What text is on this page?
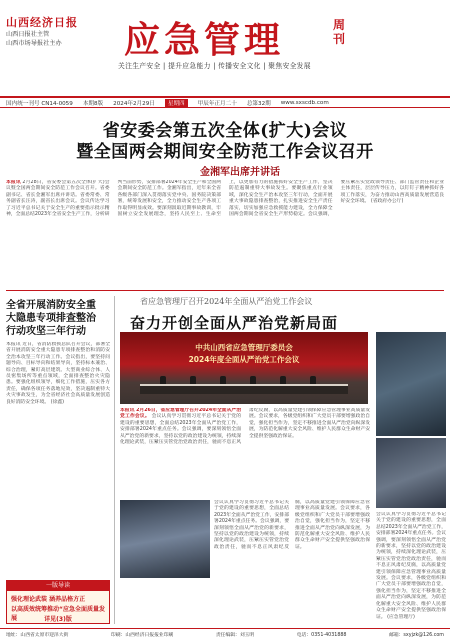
山西经济日报
山西日报社主管
山西市场导报社主办	应急管理	周刊
关注生产安全 | 提升应急能力 | 传播安全文化 | 聚焦安全发展
国内统一刊号 CN14-0059 本期8版 2024年2月29日	星期四	甲辰年正月二十 总第32期 www.sxscdb.com
省安委会第五次全体(扩大)会议
暨全国两会期间安全防范工作会议召开
金湘军出席并讲话
本报讯 2月28日，省安委会第五次全体(扩大)会议暨全国两会期间安全防范工作会议召开。省委副书记、省长金湘军出席并讲话。省委常委、常务副省长汪涛，副省长出席会议。会议传达学习了习近平总书记关于安全生产的重要指示批示精神，全面总结2023年全省安全生产工作，分析研判当前形势，安排部署2024年安全生产和全国两会期间安全防范工作。金湘军指出，近年来全省各级各部门深入贯彻落实党中央、国务院决策部署，统筹发展和安全，全力推动安全生产各项工作取得明显成效。要深刻汲取近期事故教训，牢固树立安全发展理念，坚持人民至上、生命至上，以更加有力的措施抓好安全生产工作，坚决防范遏制重特大事故发生。要聚焦重点行业领域，深化安全生产治本攻坚三年行动，全面开展重大事故隐患排查整治，扎实推进安全生产责任落实，切实加强应急救援能力建设，全力保障全国两会期间全省安全生产形势稳定。会议强调，要压紧压实党政领导责任、部门监管责任和企业主体责任，层层传导压力，以钉钉子精神抓好各项工作落实，为奋力推动山西高质量发展营造良好安全环境。 (省政府办公厅)
全省开展消防安全重大隐患专项排查整治行动攻坚三年行动
本报讯 近日，省消防救援总队召开会议，部署全省开展消防安全重大隐患专项排查整治和消防安全治本攻坚三年行动工作。会议指出，要坚持问题导向、目标导向和结果导向，坚持标本兼治、综合治理，紧盯高层建筑、大型商业综合体、人员密集场所等重点领域，全面排查整治火灾隐患。要强化组织领导，细化工作措施，压实各方责任，确保各项任务落地见效，坚决遏制重特大火灾事故发生，为全省经济社会高质量发展创造良好消防安全环境。 (徐鑫)
省应急管理厅召开2024年全面从严治党工作会议
奋力开创全面从严治党新局面
中共山西省应急管理厅委员会
2024年度全面从严治党工作会议
本报讯 2月26日，省应急管理厅召开2024年全面从严治党工作会议。 会议认真学习贯彻习近平总书记关于党的建设的重要思想，全面总结2023年全面从严治党工作，安排部署2024年重点任务。会议强调，要深刻领悟全面从严治党的新要求，坚持以党的政治建设为统领，持续深化理论武装，压紧压实管党治党政治责任，驰而不息正风肃纪反腐，以高质量党建引领保障应急管理事业高质量发展。会议要求，各级党组织和广大党员干部要增强政治自觉，强化担当作为，坚定不移推进全面从严治党向纵深发展，为防范化解重大安全风险、维护人民群众生命财产安全提供坚强政治保证。
会议认真学习贯彻习近平总书记关于党的建设的重要思想，全面总结2023年全面从严治党工作，安排部署2024年重点任务。会议强调，要深刻领悟全面从严治党的新要求，坚持以党的政治建设为统领，持续深化理论武装，压紧压实管党治党政治责任，驰而不息正风肃纪反腐，以高质量党建引领保障应急管理事业高质量发展。会议要求，各级党组织和广大党员干部要增强政治自觉，强化担当作为，坚定不移推进全面从严治党向纵深发展，为防范化解重大安全风险、维护人民群众生命财产安全提供坚强政治保证。
会议认真学习贯彻习近平总书记关于党的建设的重要思想，全面总结2023年全面从严治党工作，安排部署2024年重点任务。会议强调，要深刻领悟全面从严治党的新要求，坚持以党的政治建设为统领，持续深化理论武装，压紧压实管党治党政治责任，驰而不息正风肃纪反腐，以高质量党建引领保障应急管理事业高质量发展。会议要求，各级党组织和广大党员干部要增强政治自觉，强化担当作为，坚定不移推进全面从严治党向纵深发展，为防范化解重大安全风险、维护人民群众生命财产安全提供坚强政治保证。 (应急管理厅)
一版导读
强化理论武装 涵养品格方正
以高质效统筹推动“应急全面质量发展	详见(3)版
地址：山西省太原市迎泽大街	印刷：山西经济日报报业印刷	责任编辑：刘玉明	电话：0351-4031888	邮箱：sxyjzk@126.com
